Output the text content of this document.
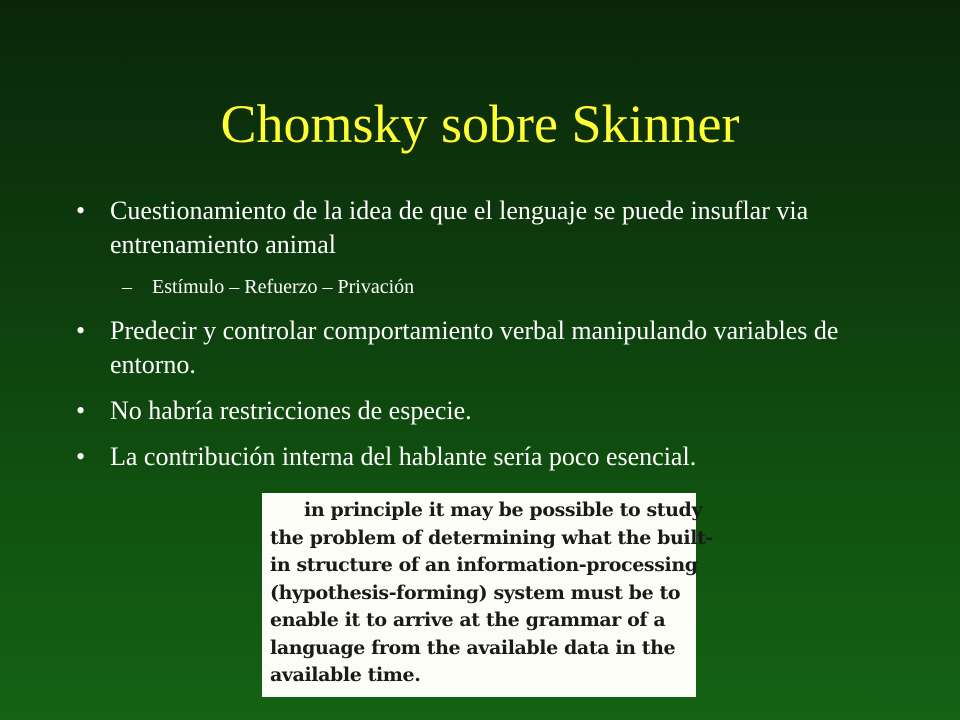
Chomsky sobre Skinner
• Cuestionamiento de la idea de que el lenguaje se puede insuflar via entrenamiento animal
– Estímulo – Refuerzo – Privación
• Predecir y controlar comportamiento verbal manipulando variables de entorno.
• No habría restricciones de especie.
• La contribución interna del hablante sería poco esencial.
in principle it may be possible to study
the problem of determining what the built-
in structure of an information-processing
(hypothesis-forming) system must be to
enable it to arrive at the grammar of a
language from the available data in the
available time.
